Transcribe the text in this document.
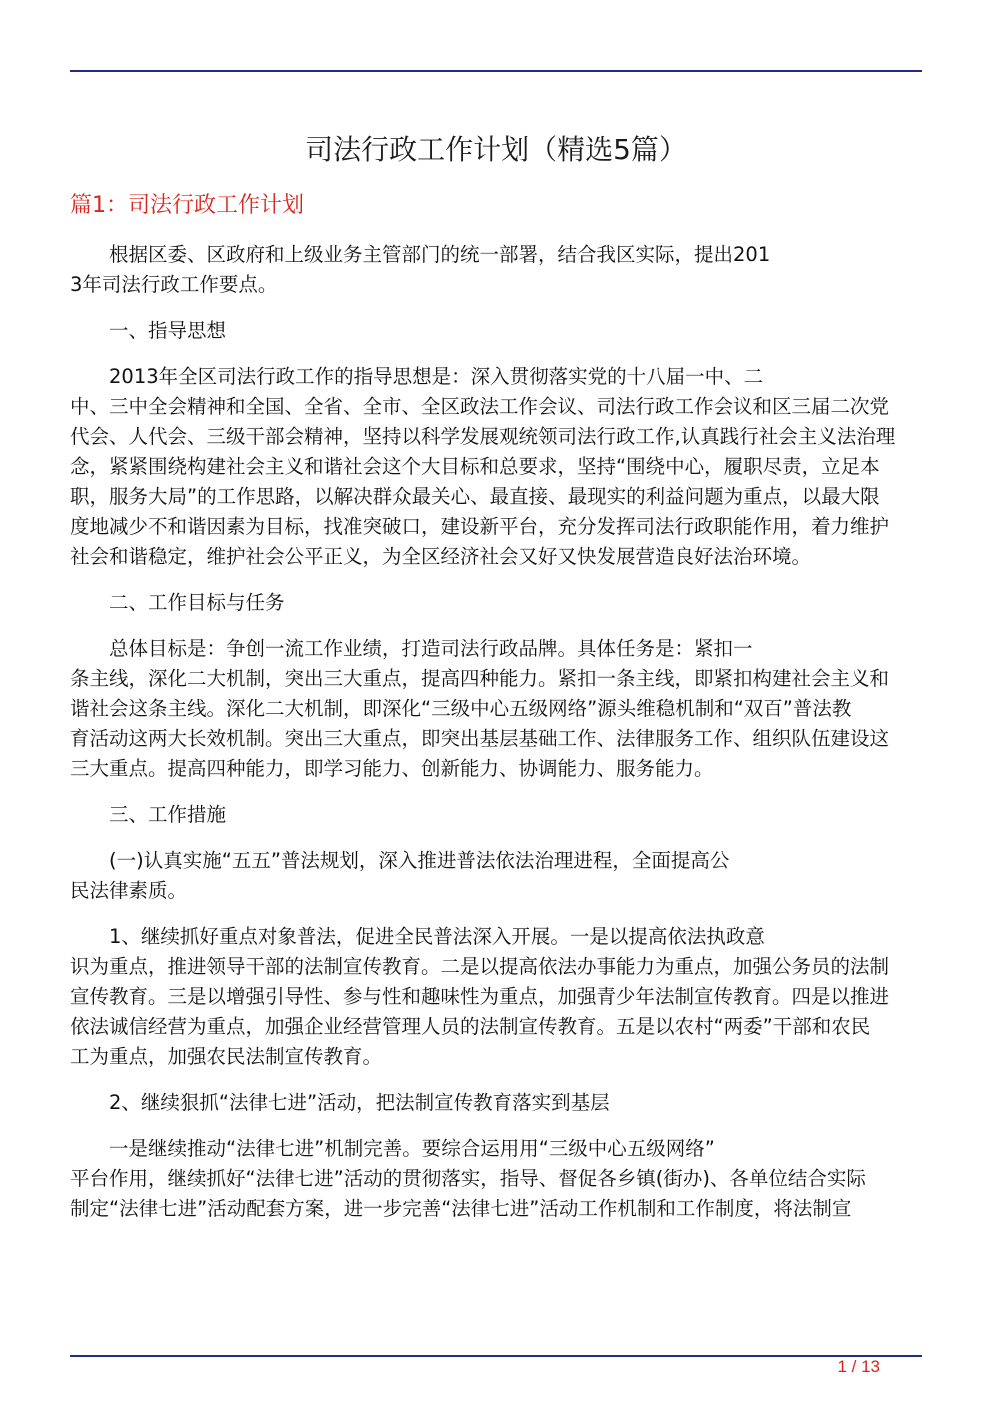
司法行政工作计划（精选5篇）
篇1：司法行政工作计划
根据区委、区政府和上级业务主管部门的统一部署，结合我区实际，提出201
3年司法行政工作要点。
一、指导思想
2013年全区司法行政工作的指导思想是：深入贯彻落实党的十八届一中、二
中、三中全会精神和全国、全省、全市、全区政法工作会议、司法行政工作会议和区三届二次党
代会、人代会、三级干部会精神，坚持以科学发展观统领司法行政工作,认真践行社会主义法治理
念，紧紧围绕构建社会主义和谐社会这个大目标和总要求，坚持“围绕中心，履职尽责，立足本
职，服务大局”的工作思路，以解决群众最关心、最直接、最现实的利益问题为重点，以最大限
度地减少不和谐因素为目标，找准突破口，建设新平台，充分发挥司法行政职能作用，着力维护
社会和谐稳定，维护社会公平正义，为全区经济社会又好又快发展营造良好法治环境。
二、工作目标与任务
总体目标是：争创一流工作业绩，打造司法行政品牌。具体任务是：紧扣一
条主线，深化二大机制，突出三大重点，提高四种能力。紧扣一条主线，即紧扣构建社会主义和
谐社会这条主线。深化二大机制，即深化“三级中心五级网络”源头维稳机制和“双百”普法教
育活动这两大长效机制。突出三大重点，即突出基层基础工作、法律服务工作、组织队伍建设这
三大重点。提高四种能力，即学习能力、创新能力、协调能力、服务能力。
三、工作措施
(一)认真实施“五五”普法规划，深入推进普法依法治理进程，全面提高公
民法律素质。
1、继续抓好重点对象普法，促进全民普法深入开展。一是以提高依法执政意
识为重点，推进领导干部的法制宣传教育。二是以提高依法办事能力为重点，加强公务员的法制
宣传教育。三是以增强引导性、参与性和趣味性为重点，加强青少年法制宣传教育。四是以推进
依法诚信经营为重点，加强企业经营管理人员的法制宣传教育。五是以农村“两委”干部和农民
工为重点，加强农民法制宣传教育。
2、继续狠抓“法律七进”活动，把法制宣传教育落实到基层
一是继续推动“法律七进”机制完善。要综合运用用“三级中心五级网络”
平台作用，继续抓好“法律七进”活动的贯彻落实，指导、督促各乡镇(街办)、各单位结合实际
制定“法律七进”活动配套方案，进一步完善“法律七进”活动工作机制和工作制度，将法制宣
1 / 13
